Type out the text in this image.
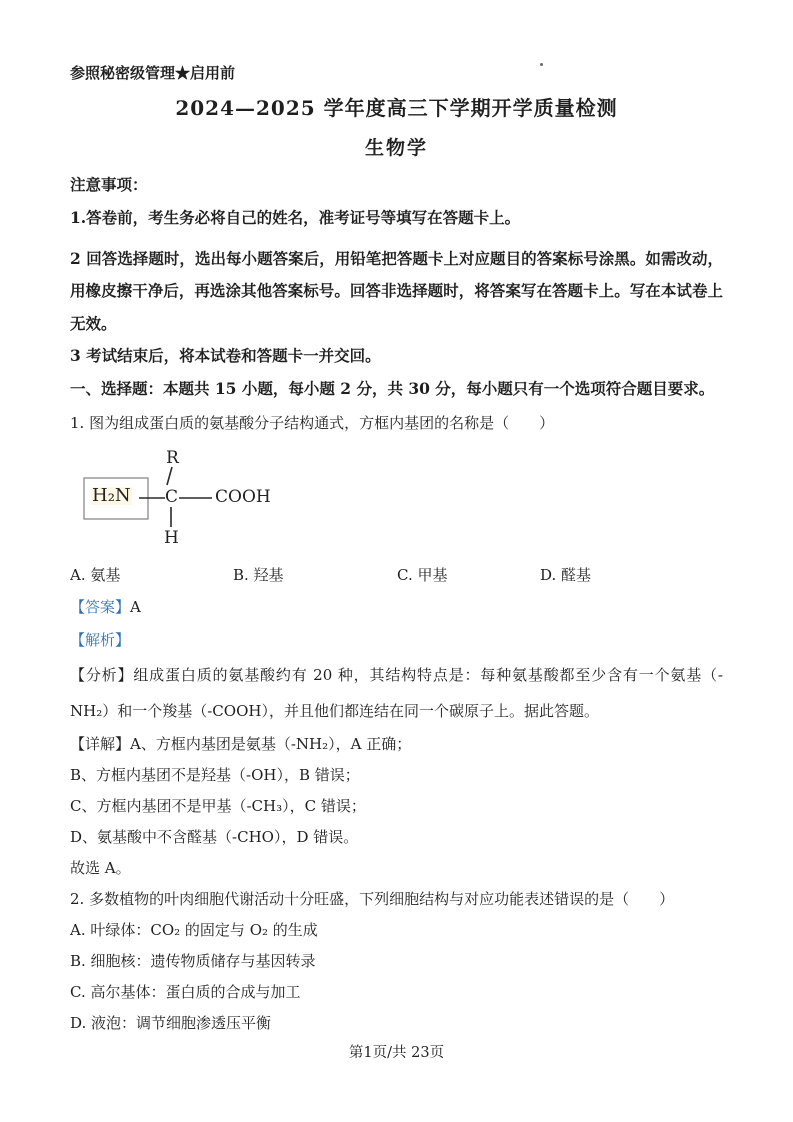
参照秘密级管理★启用前
2024—2025 学年度高三下学期开学质量检测
生物学
注意事项：
1.答卷前，考生务必将自己的姓名，准考证号等填写在答题卡上。
2 回答选择题时，选出每小题答案后，用铅笔把答题卡上对应题目的答案标号涂黑。如需改动，用橡皮擦干净后，再选涂其他答案标号。回答非选择题时，将答案写在答题卡上。写在本试卷上无效。
3 考试结束后，将本试卷和答题卡一并交回。
一、选择题：本题共 15 小题，每小题 2 分，共 30 分，每小题只有一个选项符合题目要求。
1. 图为组成蛋白质的氨基酸分子结构通式，方框内基团的名称是（　　）
R
H₂N C COOH
H
A. 氨基	B. 羟基	C. 甲基	D. 醛基
【答案】A
【解析】
【分析】组成蛋白质的氨基酸约有 20 种，其结构特点是：每种氨基酸都至少含有一个氨基（-NH₂）和一个羧基（-COOH），并且他们都连结在同一个碳原子上。据此答题。
【详解】A、方框内基团是氨基（-NH₂），A 正确；
B、方框内基团不是羟基（-OH），B 错误；
C、方框内基团不是甲基（-CH₃），C 错误；
D、氨基酸中不含醛基（-CHO），D 错误。
故选 A。
2. 多数植物的叶肉细胞代谢活动十分旺盛，下列细胞结构与对应功能表述错误的是（　　）
A. 叶绿体：CO₂ 的固定与 O₂ 的生成
B. 细胞核：遗传物质储存与基因转录
C. 高尔基体：蛋白质的合成与加工
D. 液泡：调节细胞渗透压平衡
第1页/共 23页
